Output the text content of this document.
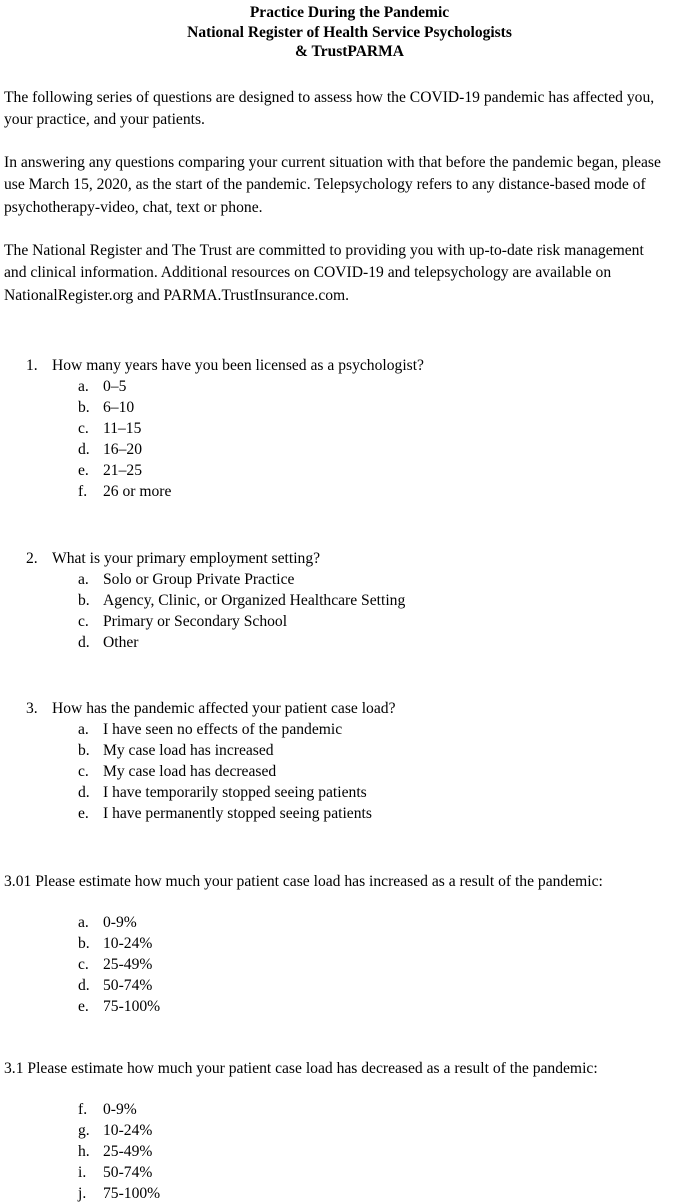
Practice During the Pandemic
National Register of Health Service Psychologists
& TrustPARMA

The following series of questions are designed to assess how the COVID-19 pandemic has affected you, your practice, and your patients.

In answering any questions comparing your current situation with that before the pandemic began, please use March 15, 2020, as the start of the pandemic. Telepsychology refers to any distance-based mode of psychotherapy-video, chat, text or phone.

The National Register and The Trust are committed to providing you with up-to-date risk management and clinical information. Additional resources on COVID-19 and telepsychology are available on NationalRegister.org and PARMA.TrustInsurance.com.

1. How many years have you been licensed as a psychologist?
a. 0–5
b. 6–10
c. 11–15
d. 16–20
e. 21–25
f.	26 or more
2. What is your primary employment setting?
a. Solo or Group Private Practice
b. Agency, Clinic, or Organized Healthcare Setting
c. Primary or Secondary School
d. Other
3. How has the pandemic affected your patient case load?
a. I have seen no effects of the pandemic
b. My case load has increased
c. My case load has decreased
d. I have temporarily stopped seeing patients
e. I have permanently stopped seeing patients

3.01 Please estimate how much your patient case load has increased as a result of the pandemic:

a. 0-9%
b. 10-24%
c. 25-49%
d. 50-74%
e. 75-100%

3.1 Please estimate how much your patient case load has decreased as a result of the pandemic:

f.	0-9%
g. 10-24%
h. 25-49%
i.	50-74%
j.	75-100%
